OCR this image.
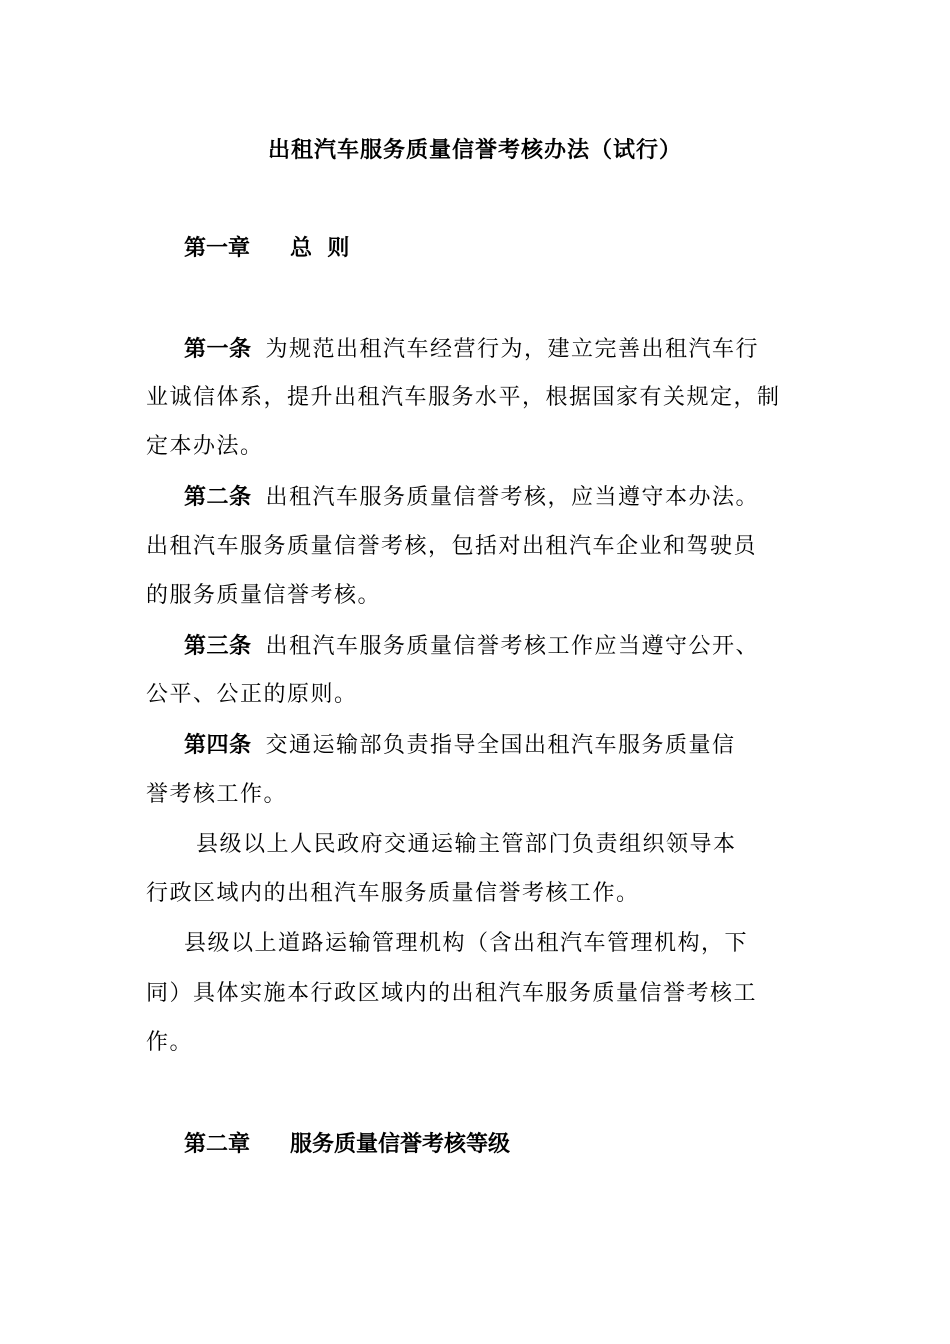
出租汽车服务质量信誉考核办法（试行）
第一章 总  则
第一条 为规范出租汽车经营行为，建立完善出租汽车行
业诚信体系，提升出租汽车服务水平，根据国家有关规定，制
定本办法。
第二条 出租汽车服务质量信誉考核，应当遵守本办法。
出租汽车服务质量信誉考核，包括对出租汽车企业和驾驶员
的服务质量信誉考核。
第三条 出租汽车服务质量信誉考核工作应当遵守公开、
公平、公正的原则。
第四条 交通运输部负责指导全国出租汽车服务质量信
誉考核工作。
县级以上人民政府交通运输主管部门负责组织领导本
行政区域内的出租汽车服务质量信誉考核工作。
县级以上道路运输管理机构（含出租汽车管理机构，下
同）具体实施本行政区域内的出租汽车服务质量信誉考核工
作。
第二章 服务质量信誉考核等级
